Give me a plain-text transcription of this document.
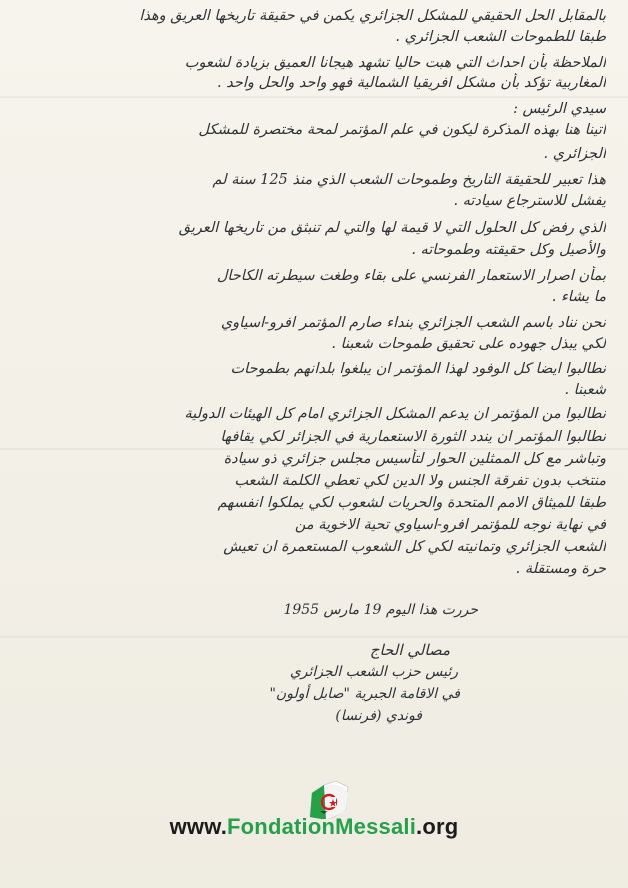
بالمقابل الحل الحقيقي للمشكل الجزائري يكمن في حقيقة تاريخها العريق وهذا
طبقا للطموحات الشعب الجزائري .
الملاحظة بأن احداث التي هبت حاليا تشهد هيجانا العميق بزيادة لشعوب
المغاربية تؤكد بأن مشكل افريقيا الشمالية فهو واحد والحل واحد .
سيدي الرئيس :
اتينا هنا بهذه المذكرة ليكون في علم المؤتمر لمحة مختصرة للمشكل
الجزائري .
هذا تعبير للحقيقة التاريخ وطموحات الشعب الذي منذ 125 سنة لم
يفشل للاسترجاع سيادته .
الذي رفض كل الحلول التي لا قيمة لها والتي لم تنبثق من تاريخها العريق
والأصيل وكل حقيقته وطموحاته .
بمأن اصرار الاستعمار الفرنسي على بقاء وطغت سيطرته الكاحال
ما يشاء .
نحن نناد باسم الشعب الجزائري بنداء صارم المؤتمر افرو-اسياوي
لكي يبذل جهوده على تحقيق طموحات شعبنا .
نطالبوا ايضا كل الوفود لهذا المؤتمر ان يبلغوا بلدانهم بطموحات
شعبنا .
نطالبوا من المؤتمر ان يدعم المشكل الجزائري امام كل الهيئات الدولية
نطالبوا المؤتمر ان يندد الثورة الاستعمارية في الجزائر لكي يقافها
وتباشر مع كل الممثلين الحوار لتأسيس مجلس جزائري ذو سيادة
منتخب بدون تفرقة الجنس ولا الدين لكي تعطي الكلمة الشعب
طبقا للميثاق الامم المتحدة والحريات لشعوب لكي يملكوا انفسهم
في نهاية نوجه للمؤتمر افرو-اسياوي تحية الاخوية من
الشعب الجزائري وتمانيته لكي كل الشعوب المستعمرة ان تعيش
حرة ومستقلة .
حررت هذا اليوم 19 مارس 1955
مصالي الحاج
رئيس حزب الشعب الجزائري
في الاقامة الجبرية "صابل أولون"
فوندي (فرنسا)
www.FondationMessali.org
